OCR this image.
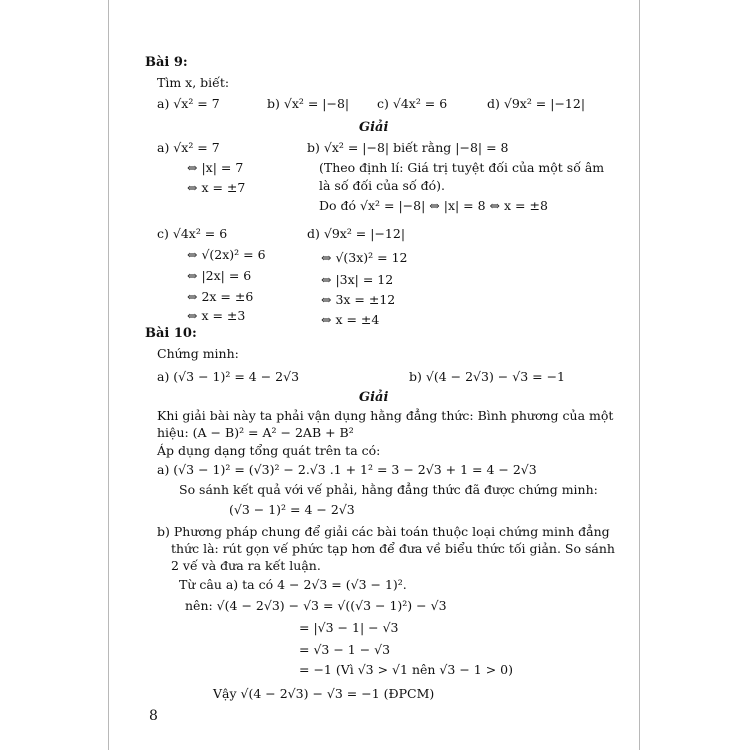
Bài 9:
Tìm x, biết:
a) √x² = 7	b) √x² = |−8| c) √4x² = 6	d) √9x² = |−12|
Giải
a) √x² = 7
⇔ |x| = 7
⇔ x = ±7
b) √x² = |−8| biết rằng |−8| = 8
(Theo định lí: Giá trị tuyệt đối của một số âm
là số đối của số đó).
Do đó √x² = |−8| ⇔ |x| = 8 ⇔ x = ±8
c) √4x² = 6
⇔ √(2x)² = 6
⇔ |2x| = 6
⇔ 2x = ±6
⇔ x = ±3
d) √9x² = |−12|
⇔ √(3x)² = 12
⇔ |3x| = 12
⇔ 3x = ±12
⇔ x = ±4
Bài 10:
Chứng minh:
a) (√3 − 1)² = 4 − 2√3	b) √(4 − 2√3) − √3 = −1
Giải
Khi giải bài này ta phải vận dụng hằng đẳng thức: Bình phương của một
hiệu: (A − B)² = A² − 2AB + B²
Áp dụng dạng tổng quát trên ta có:
a) (√3 − 1)² = (√3)² − 2.√3 .1 + 1² = 3 − 2√3 + 1 = 4 − 2√3
So sánh kết quả với vế phải, hằng đẳng thức đã được chứng minh:
(√3 − 1)² = 4 − 2√3
b) Phương pháp chung để giải các bài toán thuộc loại chứng minh đẳng
thức là: rút gọn vế phức tạp hơn để đưa về biểu thức tối giản. So sánh
2 vế và đưa ra kết luận.
Từ câu a) ta có 4 − 2√3 = (√3 − 1)².
nên: √(4 − 2√3) − √3 = √((√3 − 1)²) − √3
= |√3 − 1| − √3
= √3 − 1 − √3
= −1 (Vì √3 > √1 nên √3 − 1 > 0)
Vậy √(4 − 2√3) − √3 = −1 (ĐPCM)
8
